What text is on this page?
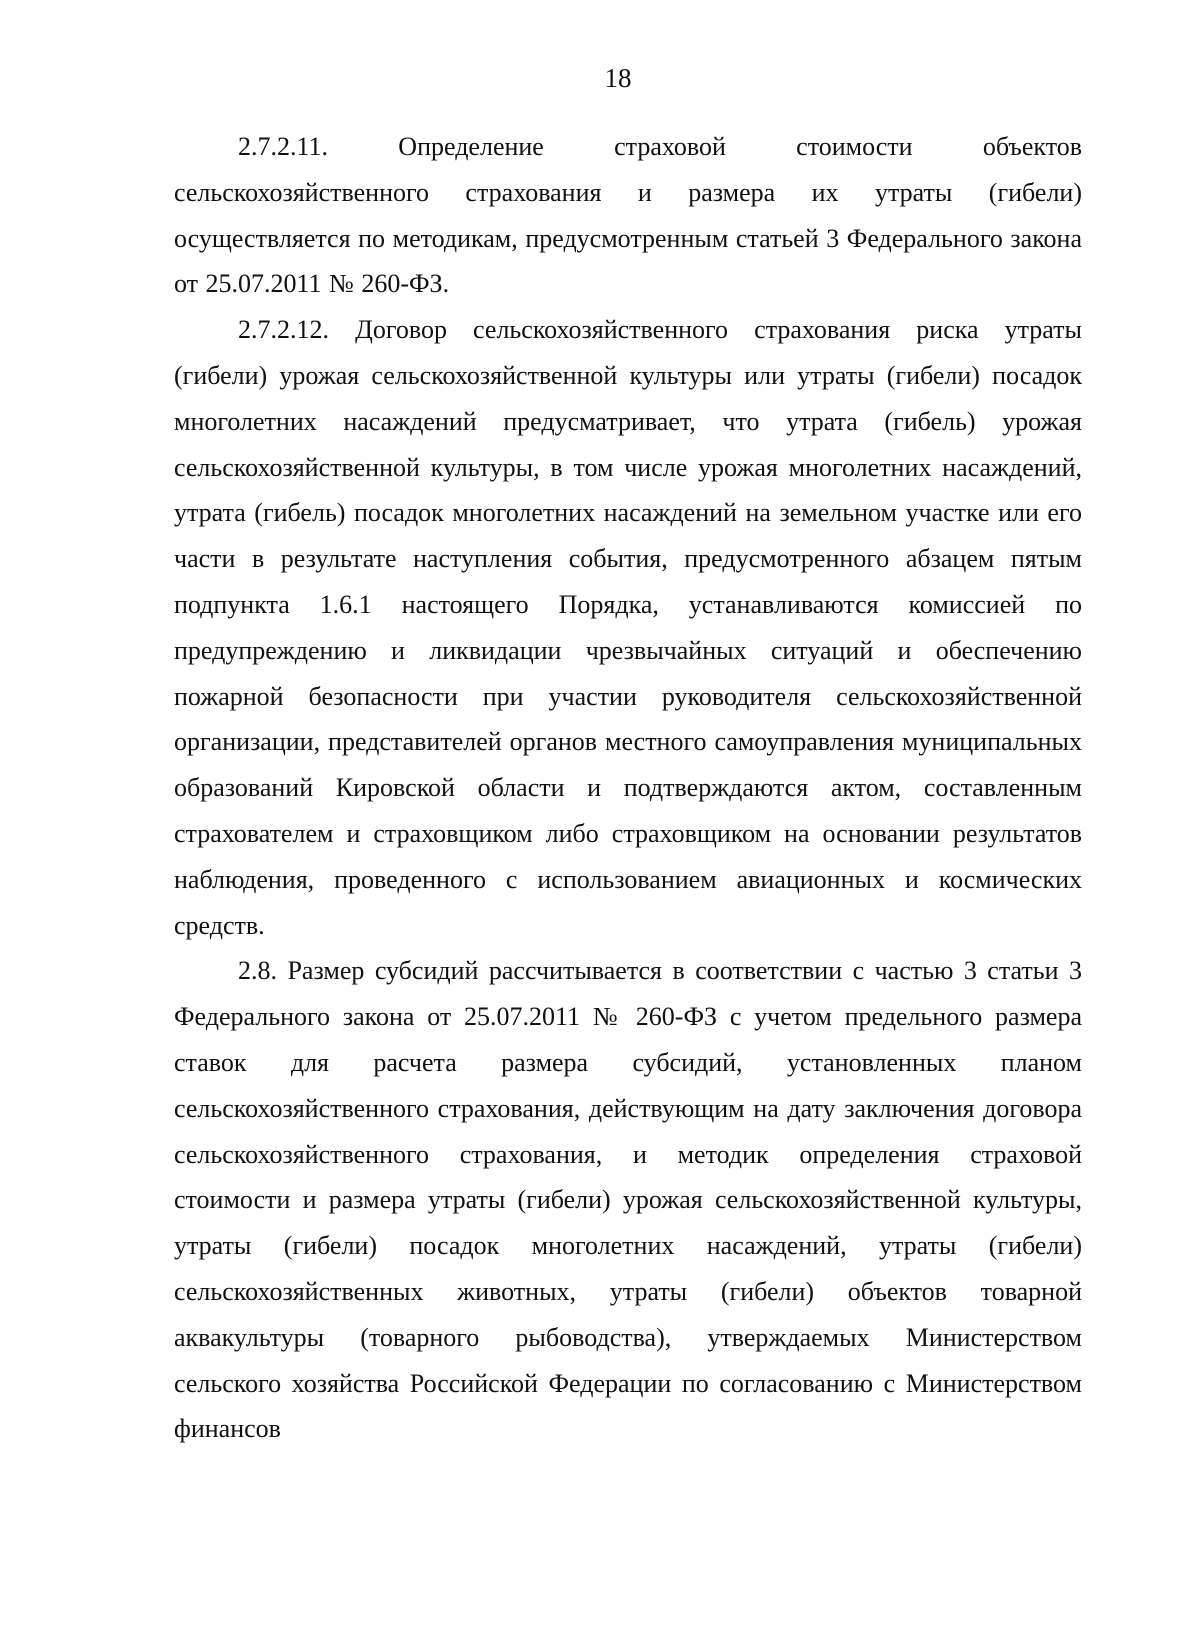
18

2.7.2.11. Определение страховой стоимости объектов сельскохозяйственного страхования и размера их утраты (гибели) осуществляется по методикам, предусмотренным статьей 3 Федерального закона от 25.07.2011 № 260-ФЗ.

2.7.2.12. Договор сельскохозяйственного страхования риска утраты (гибели) урожая сельскохозяйственной культуры или утраты (гибели) посадок многолетних насаждений предусматривает, что утрата (гибель) урожая сельскохозяйственной культуры, в том числе урожая многолетних насаждений, утрата (гибель) посадок многолетних насаждений на земельном участке или его части в результате наступления события, предусмотренного абзацем пятым подпункта 1.6.1 настоящего Порядка, устанавливаются комиссией по предупреждению и ликвидации чрезвычайных ситуаций и обеспечению пожарной безопасности при участии руководителя сельскохозяйственной организации, представителей органов местного самоуправления муниципальных образований Кировской области и подтверждаются актом, составленным страхователем и страховщиком либо страховщиком на основании результатов наблюдения, проведенного с использованием авиационных и космических средств.

2.8. Размер субсидий рассчитывается в соответствии с частью 3 статьи 3 Федерального закона от 25.07.2011 № 260-ФЗ с учетом предельного размера ставок для расчета размера субсидий, установленных планом сельскохозяйственного страхования, действующим на дату заключения договора сельскохозяйственного страхования, и методик определения страховой стоимости и размера утраты (гибели) урожая сельскохозяйственной культуры, утраты (гибели) посадок многолетних насаждений, утраты (гибели) сельскохозяйственных животных, утраты (гибели) объектов товарной аквакультуры (товарного рыбоводства), утверждаемых Министерством сельского хозяйства Российской Федерации по согласованию с Министерством финансов
